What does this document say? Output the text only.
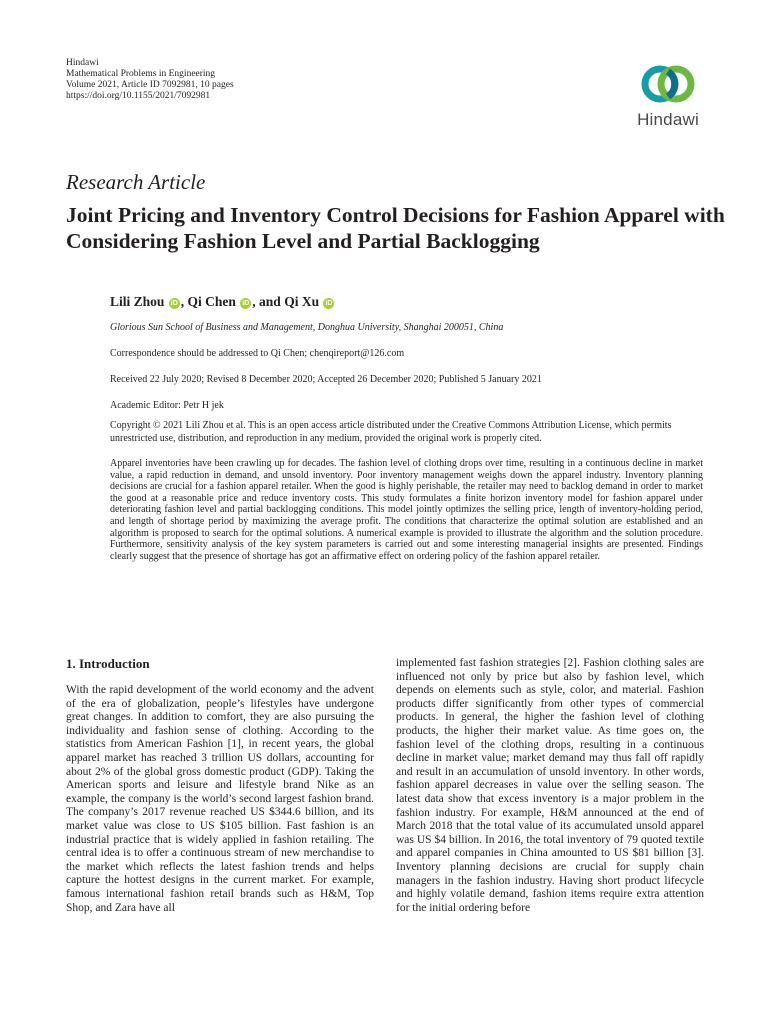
Hindawi
Mathematical Problems in Engineering
Volume 2021, Article ID 7092981, 10 pages
https://doi.org/10.1155/2021/7092981
Hindawi
Research Article
Joint Pricing and Inventory Control Decisions for Fashion Apparel with Considering Fashion Level and Partial Backlogging
Lili Zhou iD , Qi Chen iD , and Qi Xu iD
Glorious Sun School of Business and Management, Donghua University, Shanghai 200051, China
Correspondence should be addressed to Qi Chen; chenqireport@126.com
Received 22 July 2020; Revised 8 December 2020; Accepted 26 December 2020; Published 5 January 2021
Academic Editor: Petr H jek
Copyright © 2021 Lili Zhou et al. This is an open access article distributed under the Creative Commons Attribution License, which permits unrestricted use, distribution, and reproduction in any medium, provided the original work is properly cited.

Apparel inventories have been crawling up for decades. The fashion level of clothing drops over time, resulting in a continuous decline in market value, a rapid reduction in demand, and unsold inventory. Poor inventory management weighs down the apparel industry. Inventory planning decisions are crucial for a fashion apparel retailer. When the good is highly perishable, the retailer may need to backlog demand in order to market the good at a reasonable price and reduce inventory costs. This study formulates a finite horizon inventory model for fashion apparel under deteriorating fashion level and partial backlogging conditions. This model jointly optimizes the selling price, length of inventory-holding period, and length of shortage period by maximizing the average profit. The conditions that characterize the optimal solution are established and an algorithm is proposed to search for the optimal solutions. A numerical example is provided to illustrate the algorithm and the solution procedure. Furthermore, sensitivity analysis of the key system parameters is carried out and some interesting managerial insights are presented. Findings clearly suggest that the presence of shortage has got an affirmative effect on ordering policy of the fashion apparel retailer.

1. Introduction

With the rapid development of the world economy and the advent of the era of globalization, people’s lifestyles have undergone great changes. In addition to comfort, they are also pursuing the individuality and fashion sense of clothing. According to the statistics from American Fashion [1], in recent years, the global apparel market has reached 3 trillion US dollars, accounting for about 2% of the global gross domestic product (GDP). Taking the American sports and leisure and lifestyle brand Nike as an example, the company is the world’s second largest fashion brand. The company’s 2017 revenue reached US $344.6 billion, and its market value was close to US $105 billion. Fast fashion is an industrial practice that is widely applied in fashion retailing. The central idea is to offer a continuous stream of new merchandise to the market which reflects the latest fashion trends and helps capture the hottest designs in the current market. For example, famous international fashion retail brands such as H&M, Top Shop, and Zara have all

implemented fast fashion strategies [2]. Fashion clothing sales are influenced not only by price but also by fashion level, which depends on elements such as style, color, and material. Fashion products differ significantly from other types of commercial products. In general, the higher the fashion level of clothing products, the higher their market value. As time goes on, the fashion level of the clothing drops, resulting in a continuous decline in market value; market demand may thus fall off rapidly and result in an accumulation of unsold inventory. In other words, fashion apparel decreases in value over the selling season. The latest data show that excess inventory is a major problem in the fashion industry. For example, H&M announced at the end of March 2018 that the total value of its accumulated unsold apparel was US $4 billion. In 2016, the total inventory of 79 quoted textile and apparel companies in China amounted to US $81 billion [3]. Inventory planning decisions are crucial for supply chain managers in the fashion industry. Having short product lifecycle and highly volatile demand, fashion items require extra attention for the initial ordering before
